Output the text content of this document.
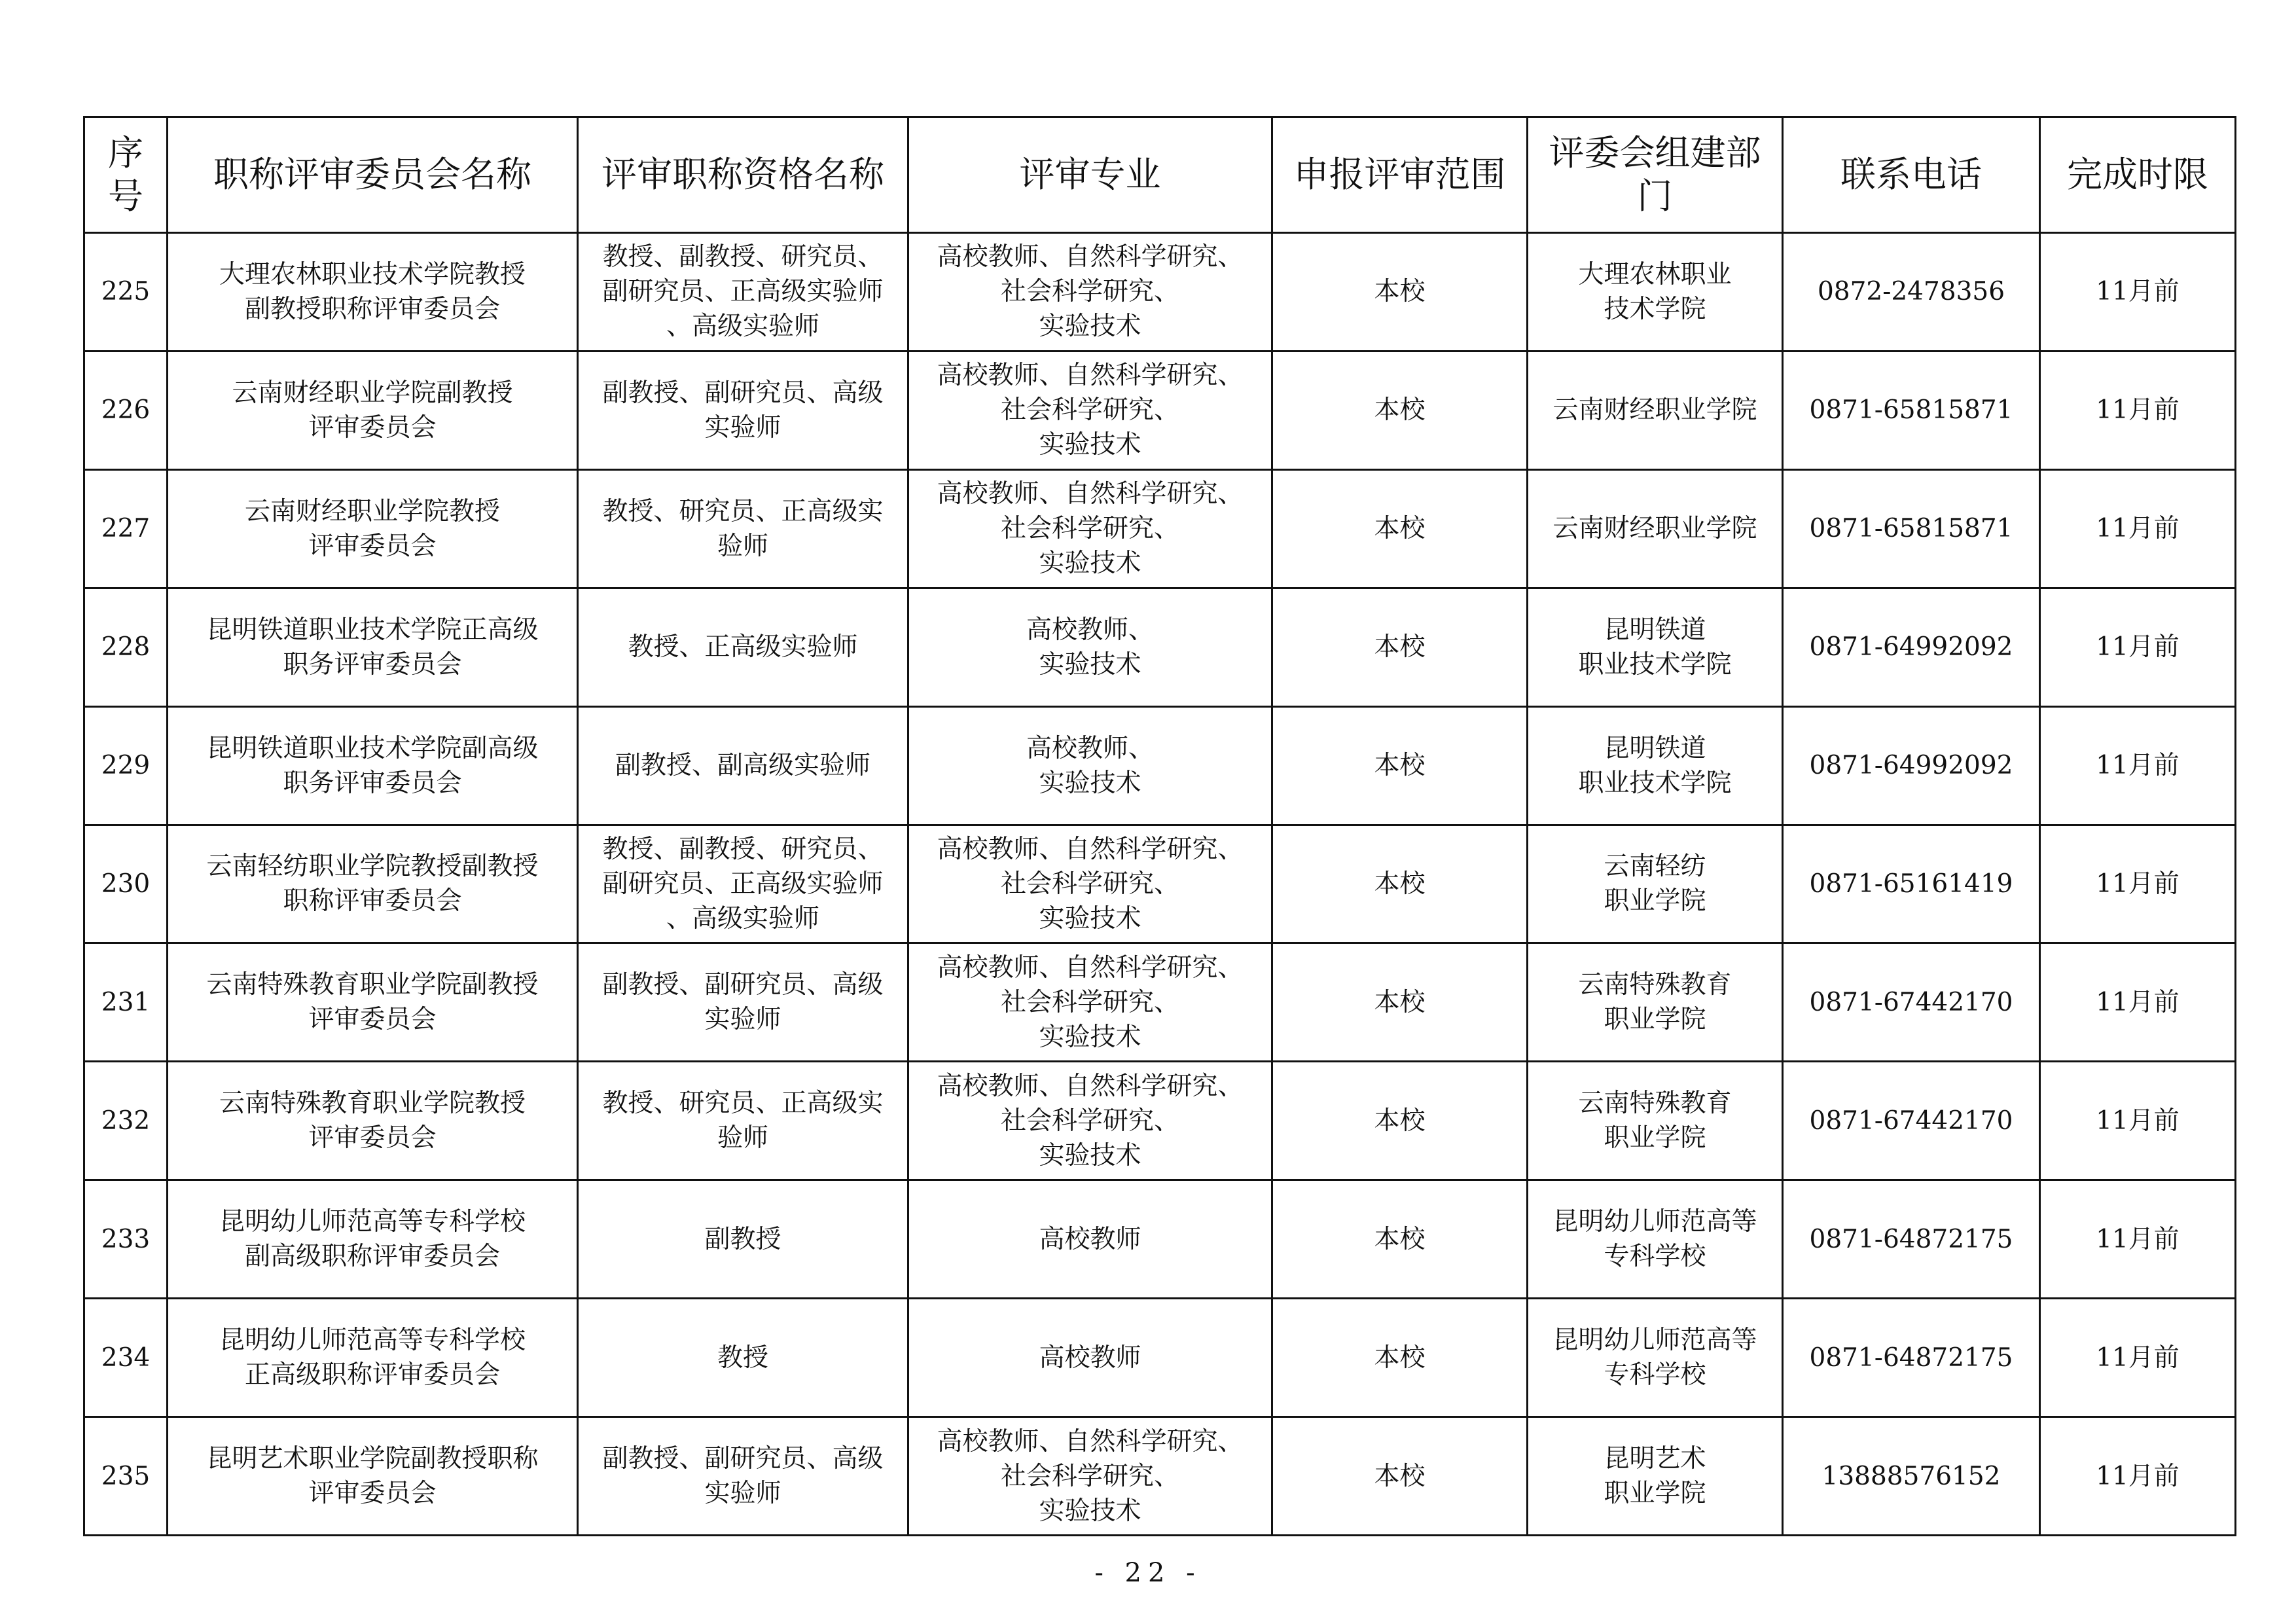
序
号	职称评审委员会名称	评审职称资格名称	评审专业	申报评审范围	评委会组建部
门	联系电话	完成时限
225	大理农林职业技术学院教授
副教授职称评审委员会	教授、副教授、研究员、
副研究员、正高级实验师
、高级实验师	高校教师、自然科学研究、
社会科学研究、
实验技术	本校	大理农林职业
技术学院	0872-2478356	11月前
226	云南财经职业学院副教授
评审委员会	副教授、副研究员、高级
实验师	高校教师、自然科学研究、
社会科学研究、
实验技术	本校	云南财经职业学院	0871-65815871	11月前
227	云南财经职业学院教授
评审委员会	教授、研究员、正高级实
验师	高校教师、自然科学研究、
社会科学研究、
实验技术	本校	云南财经职业学院	0871-65815871	11月前
228	昆明铁道职业技术学院正高级
职务评审委员会	教授、正高级实验师	高校教师、
实验技术	本校	昆明铁道
职业技术学院	0871-64992092	11月前
229	昆明铁道职业技术学院副高级
职务评审委员会	副教授、副高级实验师	高校教师、
实验技术	本校	昆明铁道
职业技术学院	0871-64992092	11月前
230	云南轻纺职业学院教授副教授
职称评审委员会	教授、副教授、研究员、
副研究员、正高级实验师
、高级实验师	高校教师、自然科学研究、
社会科学研究、
实验技术	本校	云南轻纺
职业学院	0871-65161419	11月前
231	云南特殊教育职业学院副教授
评审委员会	副教授、副研究员、高级
实验师	高校教师、自然科学研究、
社会科学研究、
实验技术	本校	云南特殊教育
职业学院	0871-67442170	11月前
232	云南特殊教育职业学院教授
评审委员会	教授、研究员、正高级实
验师	高校教师、自然科学研究、
社会科学研究、
实验技术	本校	云南特殊教育
职业学院	0871-67442170	11月前
233	昆明幼儿师范高等专科学校
副高级职称评审委员会	副教授	高校教师	本校	昆明幼儿师范高等
专科学校	0871-64872175	11月前
234	昆明幼儿师范高等专科学校
正高级职称评审委员会	教授	高校教师	本校	昆明幼儿师范高等
专科学校	0871-64872175	11月前
235	昆明艺术职业学院副教授职称
评审委员会	副教授、副研究员、高级
实验师	高校教师、自然科学研究、
社会科学研究、
实验技术	本校	昆明艺术
职业学院	13888576152	11月前
- 22 -
